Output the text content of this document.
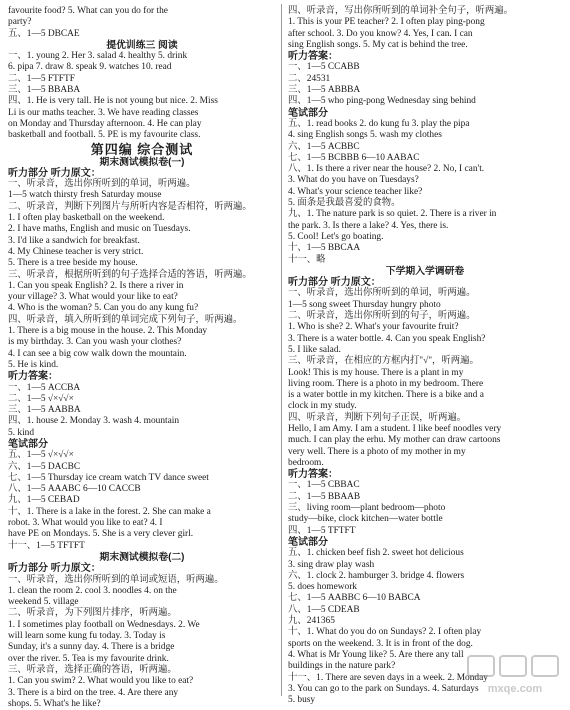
favourite food? 5. What can you do for the
party?
五、1—5 DBCAE
提优训练三 阅读
一、1. young 2. Her 3. salad 4. healthy 5. drink
6. pipa 7. draw 8. speak 9. watches 10. read
二、1—5 FTFTF
三、1—5 BBABA
四、1. He is very tall. He is not young but nice. 2. Miss
Li is our maths teacher. 3. We have reading classes
on Monday and Thursday afternoon. 4. He can play
basketball and football. 5. PE is my favourite class.
第四编 综合测试
期末测试模拟卷(一)
听力部分 听力原文：
一、听录音，选出你所听到的单词，听两遍。
1—5 watch thirsty fresh Saturday mouse
二、听录音，判断下列图片与所听内容是否相符，听两遍。
1. I often play basketball on the weekend.
2. I have maths, English and music on Tuesdays.
3. I'd like a sandwich for breakfast.
4. My Chinese teacher is very strict.
5. There is a tree beside my house.
三、听录音，根据所听到的句子选择合适的答语，听两遍。
1. Can you speak English? 2. Is there a river in
your village? 3. What would your like to eat?
4. Who is the woman? 5. Can you do any kung fu?
四、听录音，填入所听到的单词完成下列句子，听两遍。
1. There is a big mouse in the house. 2. This Monday
is my birthday. 3. Can you wash your clothes?
4. I can see a big cow walk down the mountain.
5. He is kind.
听力答案：
一、1—5 ACCBA
二、1—5 √×√√×
三、1—5 AABBA
四、1. house 2. Monday 3. wash 4. mountain
5. kind
笔试部分
五、1—5 √×√√×
六、1—5 DACBC
七、1—5 Thursday ice cream watch TV dance sweet
八、1—5 AAABC 6—10 CACCB
九、1—5 CEBAD
十、1. There is a lake in the forest. 2. She can make a
robot. 3. What would you like to eat? 4. I
have PE on Mondays. 5. She is a very clever girl.
十一、1—5 TFTFT
期末测试模拟卷(二)
听力部分 听力原文：
一、听录音，选出你所听到的单词或短语，听两遍。
1. clean the room 2. cool 3. noodles 4. on the
weekend 5. village
二、听录音，为下列图片排序，听两遍。
1. I sometimes play football on Wednesdays. 2. We
will learn some kung fu today. 3. Today is
Sunday, it's a sunny day. 4. There is a bridge
over the river. 5. Tea is my favourite drink.
三、听录音，选择正确的答语，听两遍。
1. Can you swim? 2. What would you like to eat?
3. There is a bird on the tree. 4. Are there any
shops. 5. What's he like?
四、听录音，写出你所听到的单词补全句子，听两遍。
1. This is your PE teacher? 2. I often play ping-pong
after school. 3. Do you know? 4. Yes, I can. I can
sing English songs. 5. My cat is behind the tree.
听力答案：
一、1—5 CCABB
二、24531
三、1—5 ABBBA
四、1—5 who ping-pong Wednesday sing behind
笔试部分
五、1. read books 2. do kung fu 3. play the pipa
4. sing English songs 5. wash my clothes
六、1—5 ACBBC
七、1—5 BCBBB 6—10 AABAC
八、1. Is there a river near the house? 2. No, I can't.
3. What do you have on Tuesdays?
4. What's your science teacher like?
5. 面条是我最喜爱的食物。
九、1. The nature park is so quiet. 2. There is a river in
the park. 3. Is there a lake? 4. Yes, there is.
5. Cool! Let's go boating.
十、1—5 BBCAA
十一、略
下学期入学调研卷
听力部分 听力原文：
一、听录音，选出你所听到的单词，听两遍。
1—5 song sweet Thursday hungry photo
二、听录音，选出你所听到的句子，听两遍。
1. Who is she? 2. What's your favourite fruit?
3. There is a water bottle. 4. Can you speak English?
5. I like salad.
三、听录音，在相应的方框内打"√"，听两遍。
Look! This is my house. There is a plant in my
living room. There is a photo in my bedroom. There
is a water bottle in my kitchen. There is a bike and a
clock in my study.
四、听录音，判断下列句子正误，听两遍。
Hello, I am Amy. I am a student. I like beef noodles very
much. I can play the erhu. My mother can draw cartoons
very well. There is a photo of my mother in my
bedroom.
听力答案：
一、1—5 CBBAC
二、1—5 BBAAB
三、living room—plant bedroom—photo
study—bike, clock kitchen—water bottle
四、1—5 TFTFT
笔试部分
五、1. chicken beef fish 2. sweet hot delicious
3. sing draw play wash
六、1. clock 2. hamburger 3. bridge 4. flowers
5. does homework
七、1—5 AABBC 6—10 BABCA
八、1—5 CDEAB
九、241365
十、1. What do you do on Sundays? 2. I often play
sports on the weekend. 3. It is in front of the dog.
4. What is Mr Young like? 5. Are there any tall
buildings in the nature park?
十一、1. There are seven days in a week. 2. Monday
3. You can go to the park on Sundays. 4. Saturdays
5. busy
mxqe.com
